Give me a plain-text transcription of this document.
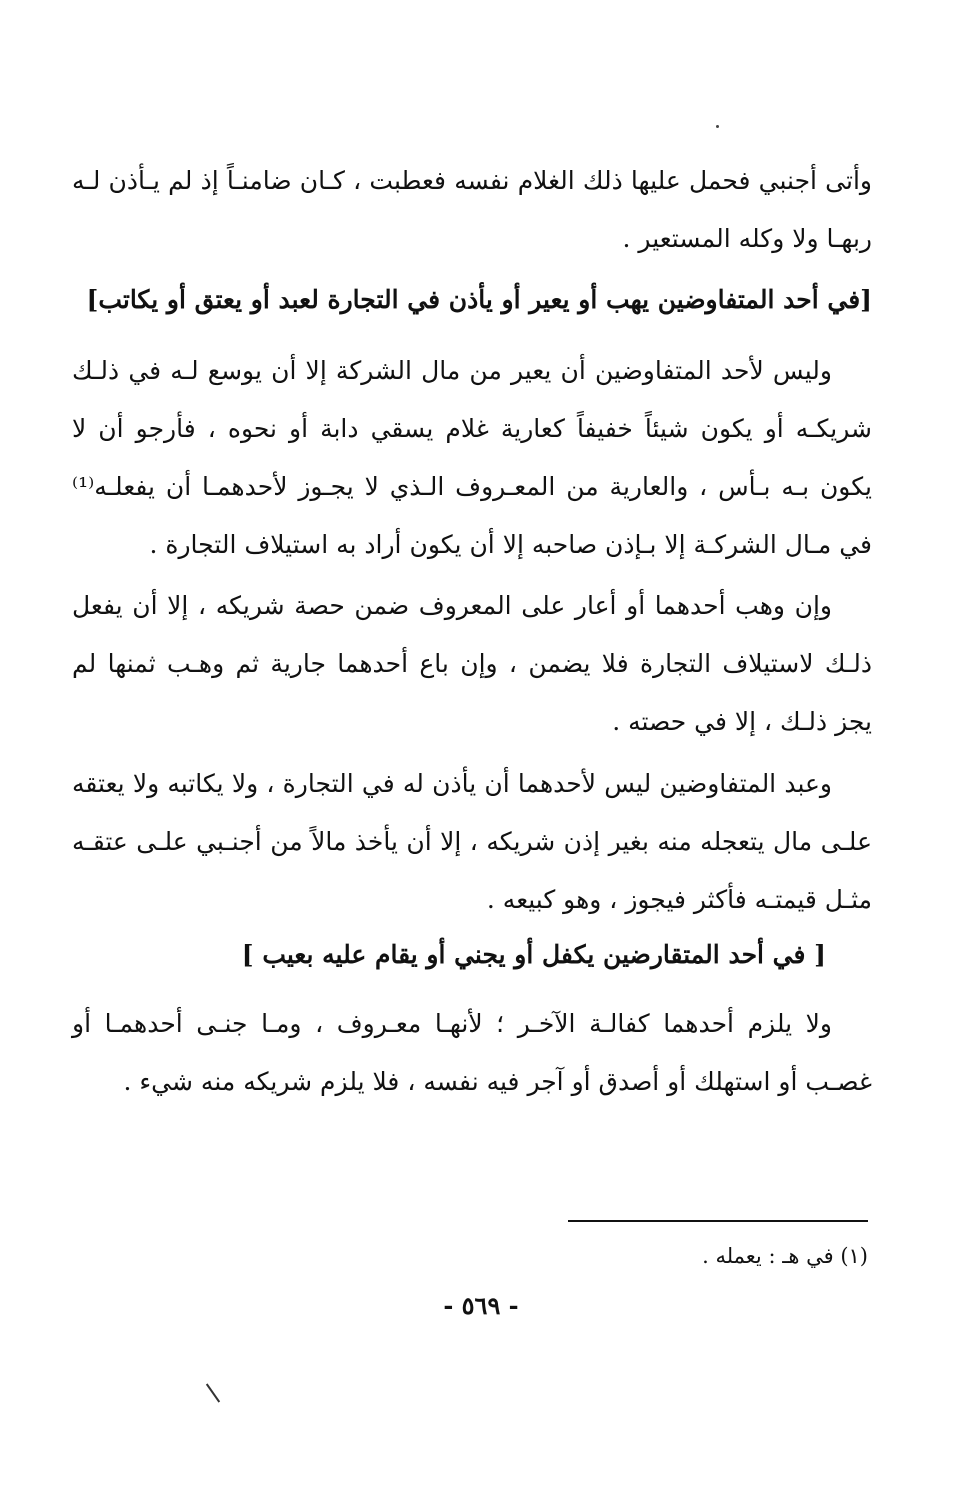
وأتى أجنبي فحمل عليها ذلك الغلام نفسه فعطبت ، كـان ضامنـاً إذ لم يـأذن لـه ربهـا ولا وكله المستعير .

[في أحد المتفاوضين يهب أو يعير أو يأذن في التجارة لعبد أو يعتق أو يكاتب]

وليس لأحد المتفاوضين أن يعير من مال الشركة إلا أن يوسع لـه في ذلـك شريكـه أو يكون شيئاً خفيفاً كعارية غلام يسقي دابة أو نحوه ، فأرجو أن لا يكون بـه بـأس ، والعارية من المعـروف الـذي لا يجـوز لأحدهمـا أن يفعلـه⁽¹⁾ في مـال الشركـة إلا بـإذن صاحبه إلا أن يكون أراد به استيلاف التجارة .

وإن وهب أحدهما أو أعار على المعروف ضمن حصة شريكه ، إلا أن يفعل ذلـك لاستيلاف التجارة فلا يضمن ، وإن باع أحدهما جارية ثم وهـب ثمنها لم يجز ذلـك ، إلا في حصته .

وعبد المتفاوضين ليس لأحدهما أن يأذن له في التجارة ، ولا يكاتبه ولا يعتقه علـى مال يتعجله منه بغير إذن شريكه ، إلا أن يأخذ مالاً من أجنـبي علـى عتقـه مثـل قيمتـه فأكثر فيجوز ، وهو كبيعه .

[ في أحد المتقارضين يكفل أو يجني أو يقام عليه بعيب ]

ولا يلزم أحدهما كفالـة الآخـر ؛ لأنهـا معـروف ، ومـا جنـى أحدهمـا أو غصـب أو استهلك أو أصدق أو آجر فيه نفسه ، فلا يلزم شريكه منه شيء .

(١) في هـ : يعمله .
- ٥٦٩ -
